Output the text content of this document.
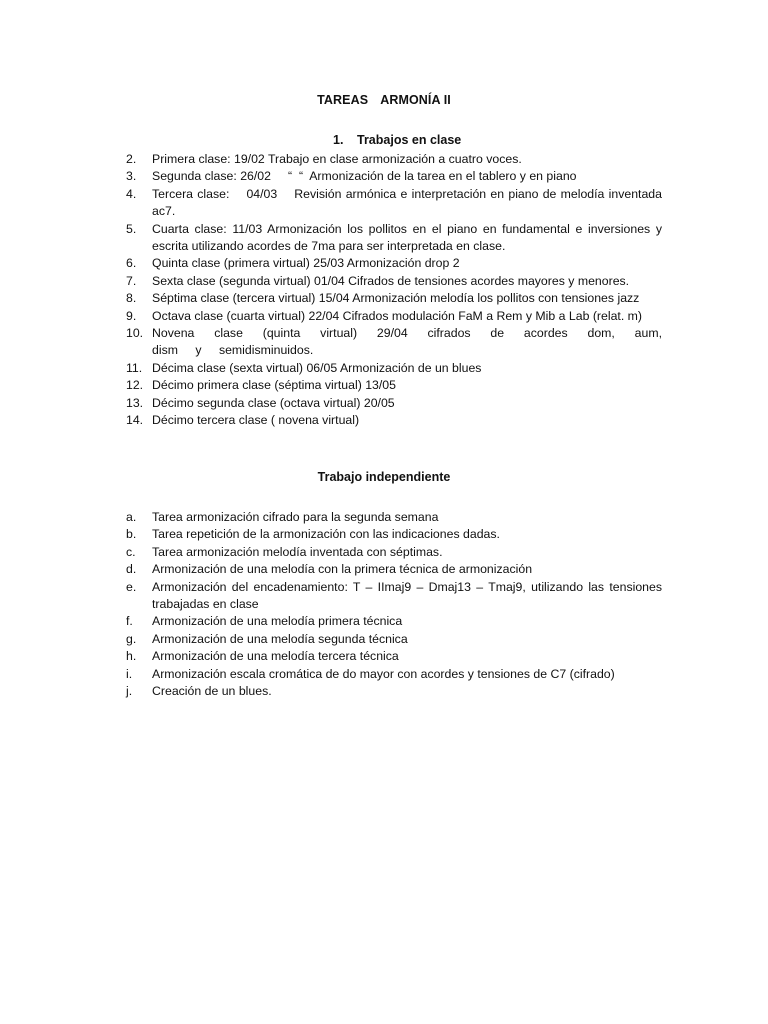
TAREAS ARMONÍA II
1. Trabajos en clase
2. Primera clase: 19/02 Trabajo en clase armonización a cuatro voces.
3. Segunda clase: 26/02     “  “  Armonización de la tarea en el tablero y en piano
4. Tercera clase:    04/03    Revisión armónica e interpretación en piano de melodía inventada ac7.
5. Cuarta clase: 11/03 Armonización los pollitos en el piano en fundamental e inversiones y escrita utilizando acordes de 7ma para ser interpretada en clase.
6. Quinta clase (primera virtual) 25/03 Armonización drop 2
7. Sexta clase (segunda virtual) 01/04 Cifrados de tensiones acordes mayores y menores.
8. Séptima clase (tercera virtual) 15/04 Armonización melodía los pollitos con tensiones jazz
9. Octava clase (cuarta virtual) 22/04 Cifrados modulación FaM a Rem y Mib a Lab (relat. m)
10. Novena clase (quinta virtual) 29/04 cifrados de acordes dom, aum, dism y semidisminuidos.
11. Décima clase (sexta virtual) 06/05 Armonización de un blues
12. Décimo primera clase (séptima virtual) 13/05
13. Décimo segunda clase (octava virtual) 20/05
14. Décimo tercera clase ( novena virtual)
Trabajo independiente
a. Tarea armonización cifrado para la segunda semana
b. Tarea repetición de la armonización con las indicaciones dadas.
c. Tarea armonización melodía inventada con séptimas.
d. Armonización de una melodía con la primera técnica de armonización
e. Armonización del encadenamiento: T – IImaj9 – Dmaj13 – Tmaj9, utilizando las tensiones trabajadas en clase
f. Armonización de una melodía primera técnica
g. Armonización de una melodía segunda técnica
h. Armonización de una melodía tercera técnica
i. Armonización escala cromática de do mayor con acordes y tensiones de C7 (cifrado)
j. Creación de un blues.
